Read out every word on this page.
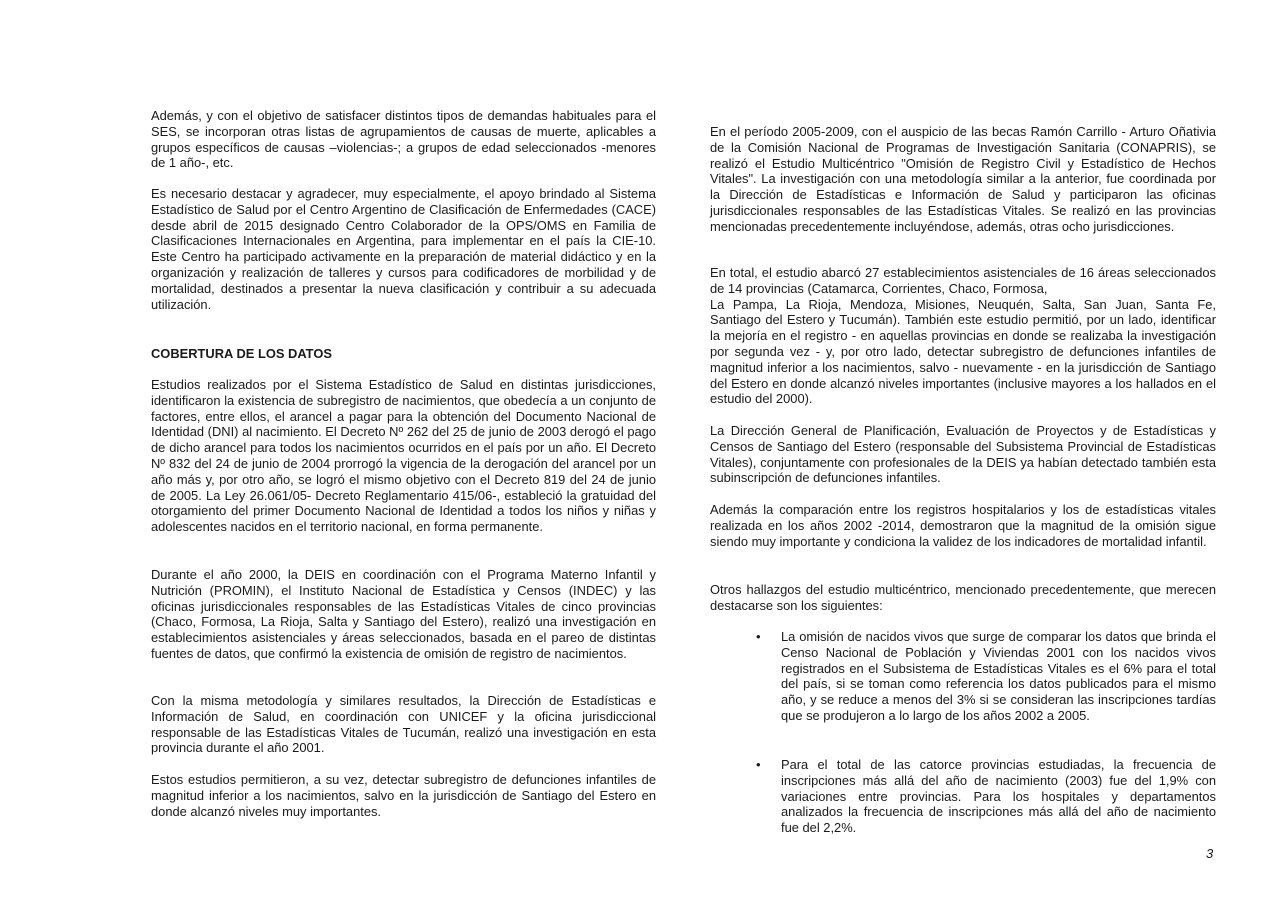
Además, y con el objetivo de satisfacer distintos tipos de demandas habituales para el SES, se incorporan otras listas de agrupamientos de causas de muerte, aplicables a grupos específicos de causas –violencias-; a grupos de edad seleccionados -menores de 1 año-, etc.

Es necesario destacar y agradecer, muy especialmente, el apoyo brindado al Sistema Estadístico de Salud por el Centro Argentino de Clasificación de Enfermedades (CACE) desde abril de 2015 designado Centro Colaborador de la OPS/OMS en Familia de Clasificaciones Internacionales en Argentina, para implementar en el país la CIE-10. Este Centro ha participado activamente en la preparación de material didáctico y en la organización y realización de talleres y cursos para codificadores de morbilidad y de mortalidad, destinados a presentar la nueva clasificación y contribuir a su adecuada utilización.

COBERTURA DE LOS DATOS

Estudios realizados por el Sistema Estadístico de Salud en distintas jurisdicciones, identificaron la existencia de subregistro de nacimientos, que obedecía a un conjunto de factores, entre ellos, el arancel a pagar para la obtención del Documento Nacional de Identidad (DNI) al nacimiento. El Decreto Nº 262 del 25 de junio de 2003 derogó el pago de dicho arancel para todos los nacimientos ocurridos en el país por un año. El Decreto Nº 832 del 24 de junio de 2004 prorrogó la vigencia de la derogación del arancel por un año más y, por otro año, se logró el mismo objetivo con el Decreto 819 del 24 de junio de 2005. La Ley 26.061/05- Decreto Reglamentario 415/06-, estableció la gratuidad del otorgamiento del primer Documento Nacional de Identidad a todos los niños y niñas y adolescentes nacidos en el territorio nacional, en forma permanente.

Durante el año 2000, la DEIS en coordinación con el Programa Materno Infantil y Nutrición (PROMIN), el Instituto Nacional de Estadística y Censos (INDEC) y las oficinas jurisdiccionales responsables de las Estadísticas Vitales de cinco provincias (Chaco, Formosa, La Rioja, Salta y Santiago del Estero), realizó una investigación en establecimientos asistenciales y áreas seleccionados, basada en el pareo de distintas fuentes de datos, que confirmó la existencia de omisión de registro de nacimientos.

Con la misma metodología y similares resultados, la Dirección de Estadísticas e Información de Salud, en coordinación con UNICEF y la oficina jurisdiccional responsable de las Estadísticas Vitales de Tucumán, realizó una investigación en esta provincia durante el año 2001.

Estos estudios permitieron, a su vez, detectar subregistro de defunciones infantiles de magnitud inferior a los nacimientos, salvo en la jurisdicción de Santiago del Estero en donde alcanzó niveles muy importantes.

En el período 2005-2009, con el auspicio de las becas Ramón Carrillo - Arturo Oñativia de la Comisión Nacional de Programas de Investigación Sanitaria (CONAPRIS), se realizó el Estudio Multicéntrico "Omisión de Registro Civil y Estadístico de Hechos Vitales". La investigación con una metodología similar a la anterior, fue coordinada por la Dirección de Estadísticas e Información de Salud y participaron las oficinas jurisdiccionales responsables de las Estadísticas Vitales. Se realizó en las provincias mencionadas precedentemente incluyéndose, además, otras ocho jurisdicciones.

En total, el estudio abarcó 27 establecimientos asistenciales de 16 áreas seleccionados de 14 provincias (Catamarca, Corrientes, Chaco, Formosa,
La Pampa, La Rioja, Mendoza, Misiones, Neuquén, Salta, San Juan, Santa Fe, Santiago del Estero y Tucumán). También este estudio permitió, por un lado, identificar la mejoría en el registro - en aquellas provincias en donde se realizaba la investigación por segunda vez - y, por otro lado, detectar subregistro de defunciones infantiles de magnitud inferior a los nacimientos, salvo - nuevamente - en la jurisdicción de Santiago del Estero en donde alcanzó niveles importantes (inclusive mayores a los hallados en el estudio del 2000).

La Dirección General de Planificación, Evaluación de Proyectos y de Estadísticas y Censos de Santiago del Estero (responsable del Subsistema Provincial de Estadísticas Vitales), conjuntamente con profesionales de la DEIS ya habían detectado también esta subinscripción de defunciones infantiles.

Además la comparación entre los registros hospitalarios y los de estadísticas vitales realizada en los años 2002 -2014, demostraron que la magnitud de la omisión sigue siendo muy importante y condiciona la validez de los indicadores de mortalidad infantil.

Otros hallazgos del estudio multicéntrico, mencionado precedentemente, que merecen destacarse son los siguientes:

• La omisión de nacidos vivos que surge de comparar los datos que brinda el Censo Nacional de Población y Viviendas 2001 con los nacidos vivos registrados en el Subsistema de Estadísticas Vitales es el 6% para el total del país, si se toman como referencia los datos publicados para el mismo año, y se reduce a menos del 3% si se consideran las inscripciones tardías que se produjeron a lo largo de los años 2002 a 2005.

• Para el total de las catorce provincias estudiadas, la frecuencia de inscripciones más allá del año de nacimiento (2003) fue del 1,9% con variaciones entre provincias. Para los hospitales y departamentos analizados la frecuencia de inscripciones más allá del año de nacimiento fue del 2,2%.

3
